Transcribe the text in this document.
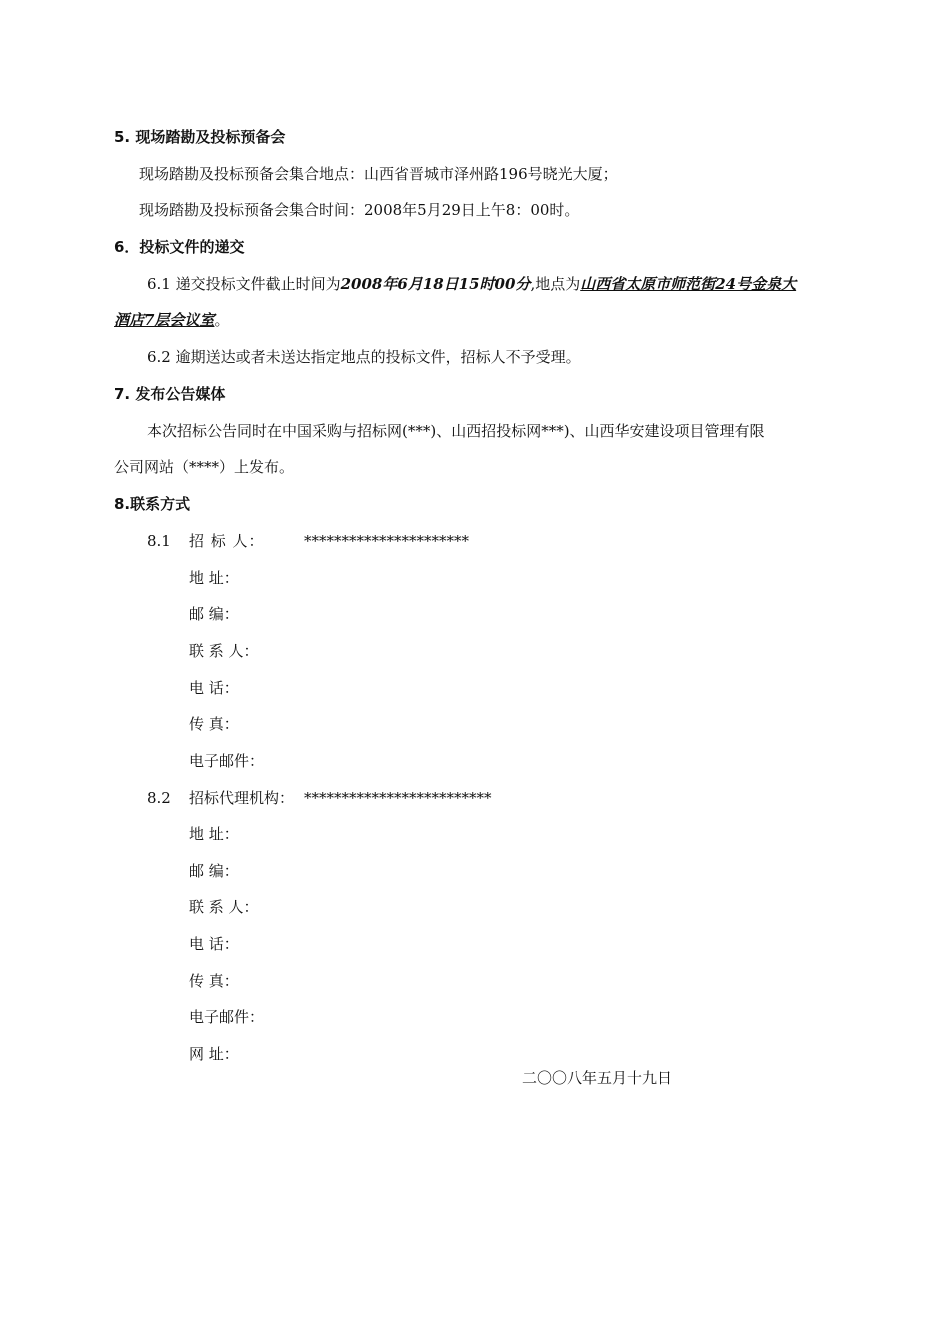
5. 现场踏勘及投标预备会
现场踏勘及投标预备会集合地点：山西省晋城市泽州路196号晓光大厦；
现场踏勘及投标预备会集合时间：2008年5月29日上午8：00时。
6．投标文件的递交
6.1 递交投标文件截止时间为2008年6月18日15时00分,地点为山西省太原市师范街24号金泉大
酒店7层会议室。
6.2 逾期送达或者未送达指定地点的投标文件，招标人不予受理。
7. 发布公告媒体
本次招标公告同时在中国采购与招标网(***)、山西招投标网***)、山西华安建设项目管理有限
公司网站（****）上发布。
8.联系方式
8.1 招 标 人：	**********************
地 址：
邮 编：
联 系 人：
电 话：
传 真：
电子邮件：
8.2 招标代理机构： *************************
地 址：
邮 编：
联 系 人：
电 话：
传 真：
电子邮件：
网 址：
二〇〇八年五月十九日
